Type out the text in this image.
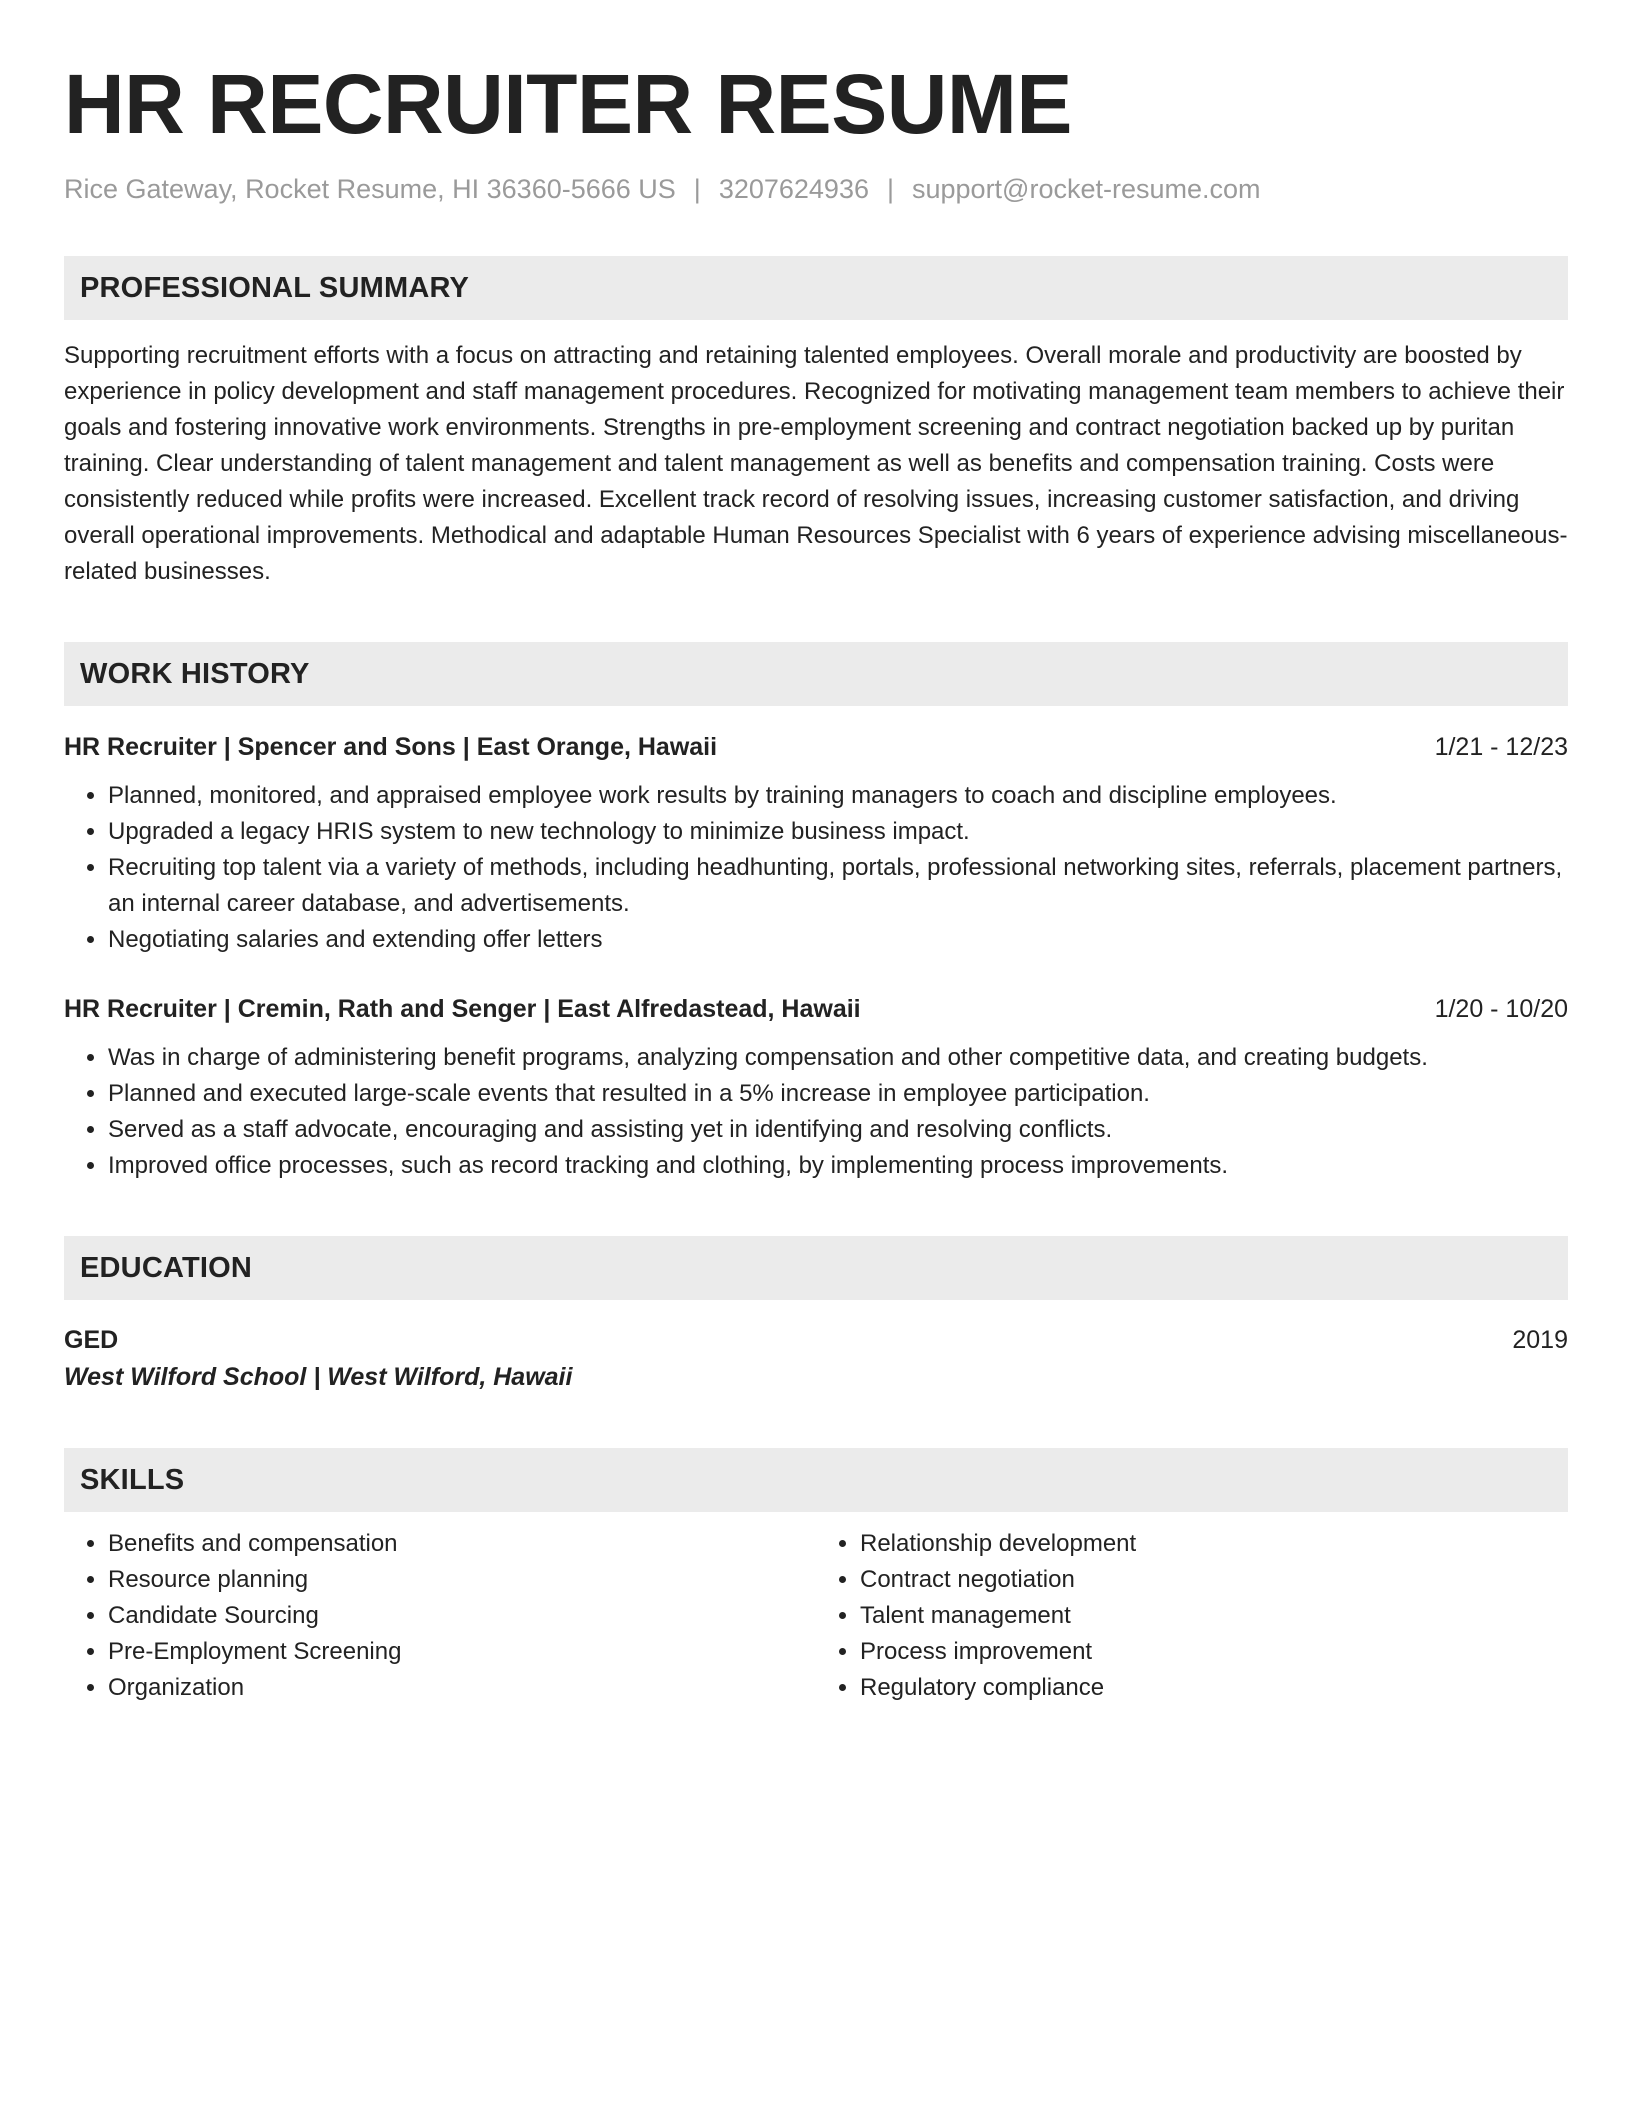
HR RECRUITER RESUME
Rice Gateway, Rocket Resume, HI 36360-5666 US | 3207624936 | support@rocket-resume.com
PROFESSIONAL SUMMARY
Supporting recruitment efforts with a focus on attracting and retaining talented employees. Overall morale and productivity are boosted by experience in policy development and staff management procedures. Recognized for motivating management team members to achieve their goals and fostering innovative work environments. Strengths in pre-employment screening and contract negotiation backed up by puritan training. Clear understanding of talent management and talent management as well as benefits and compensation training. Costs were consistently reduced while profits were increased. Excellent track record of resolving issues, increasing customer satisfaction, and driving overall operational improvements. Methodical and adaptable Human Resources Specialist with 6 years of experience advising miscellaneous-related businesses.
WORK HISTORY
HR Recruiter | Spencer and Sons | East Orange, Hawaii	1/21 - 12/23
• Planned, monitored, and appraised employee work results by training managers to coach and discipline employees.
• Upgraded a legacy HRIS system to new technology to minimize business impact.
• Recruiting top talent via a variety of methods, including headhunting, portals, professional networking sites, referrals, placement partners, an internal career database, and advertisements.
• Negotiating salaries and extending offer letters
HR Recruiter | Cremin, Rath and Senger | East Alfredastead, Hawaii	1/20 - 10/20
• Was in charge of administering benefit programs, analyzing compensation and other competitive data, and creating budgets.
• Planned and executed large-scale events that resulted in a 5% increase in employee participation.
• Served as a staff advocate, encouraging and assisting yet in identifying and resolving conflicts.
• Improved office processes, such as record tracking and clothing, by implementing process improvements.
EDUCATION
GED	2019
West Wilford School | West Wilford, Hawaii
SKILLS
• Benefits and compensation
• Resource planning
• Candidate Sourcing
• Pre-Employment Screening
• Organization
• Relationship development
• Contract negotiation
• Talent management
• Process improvement
• Regulatory compliance
